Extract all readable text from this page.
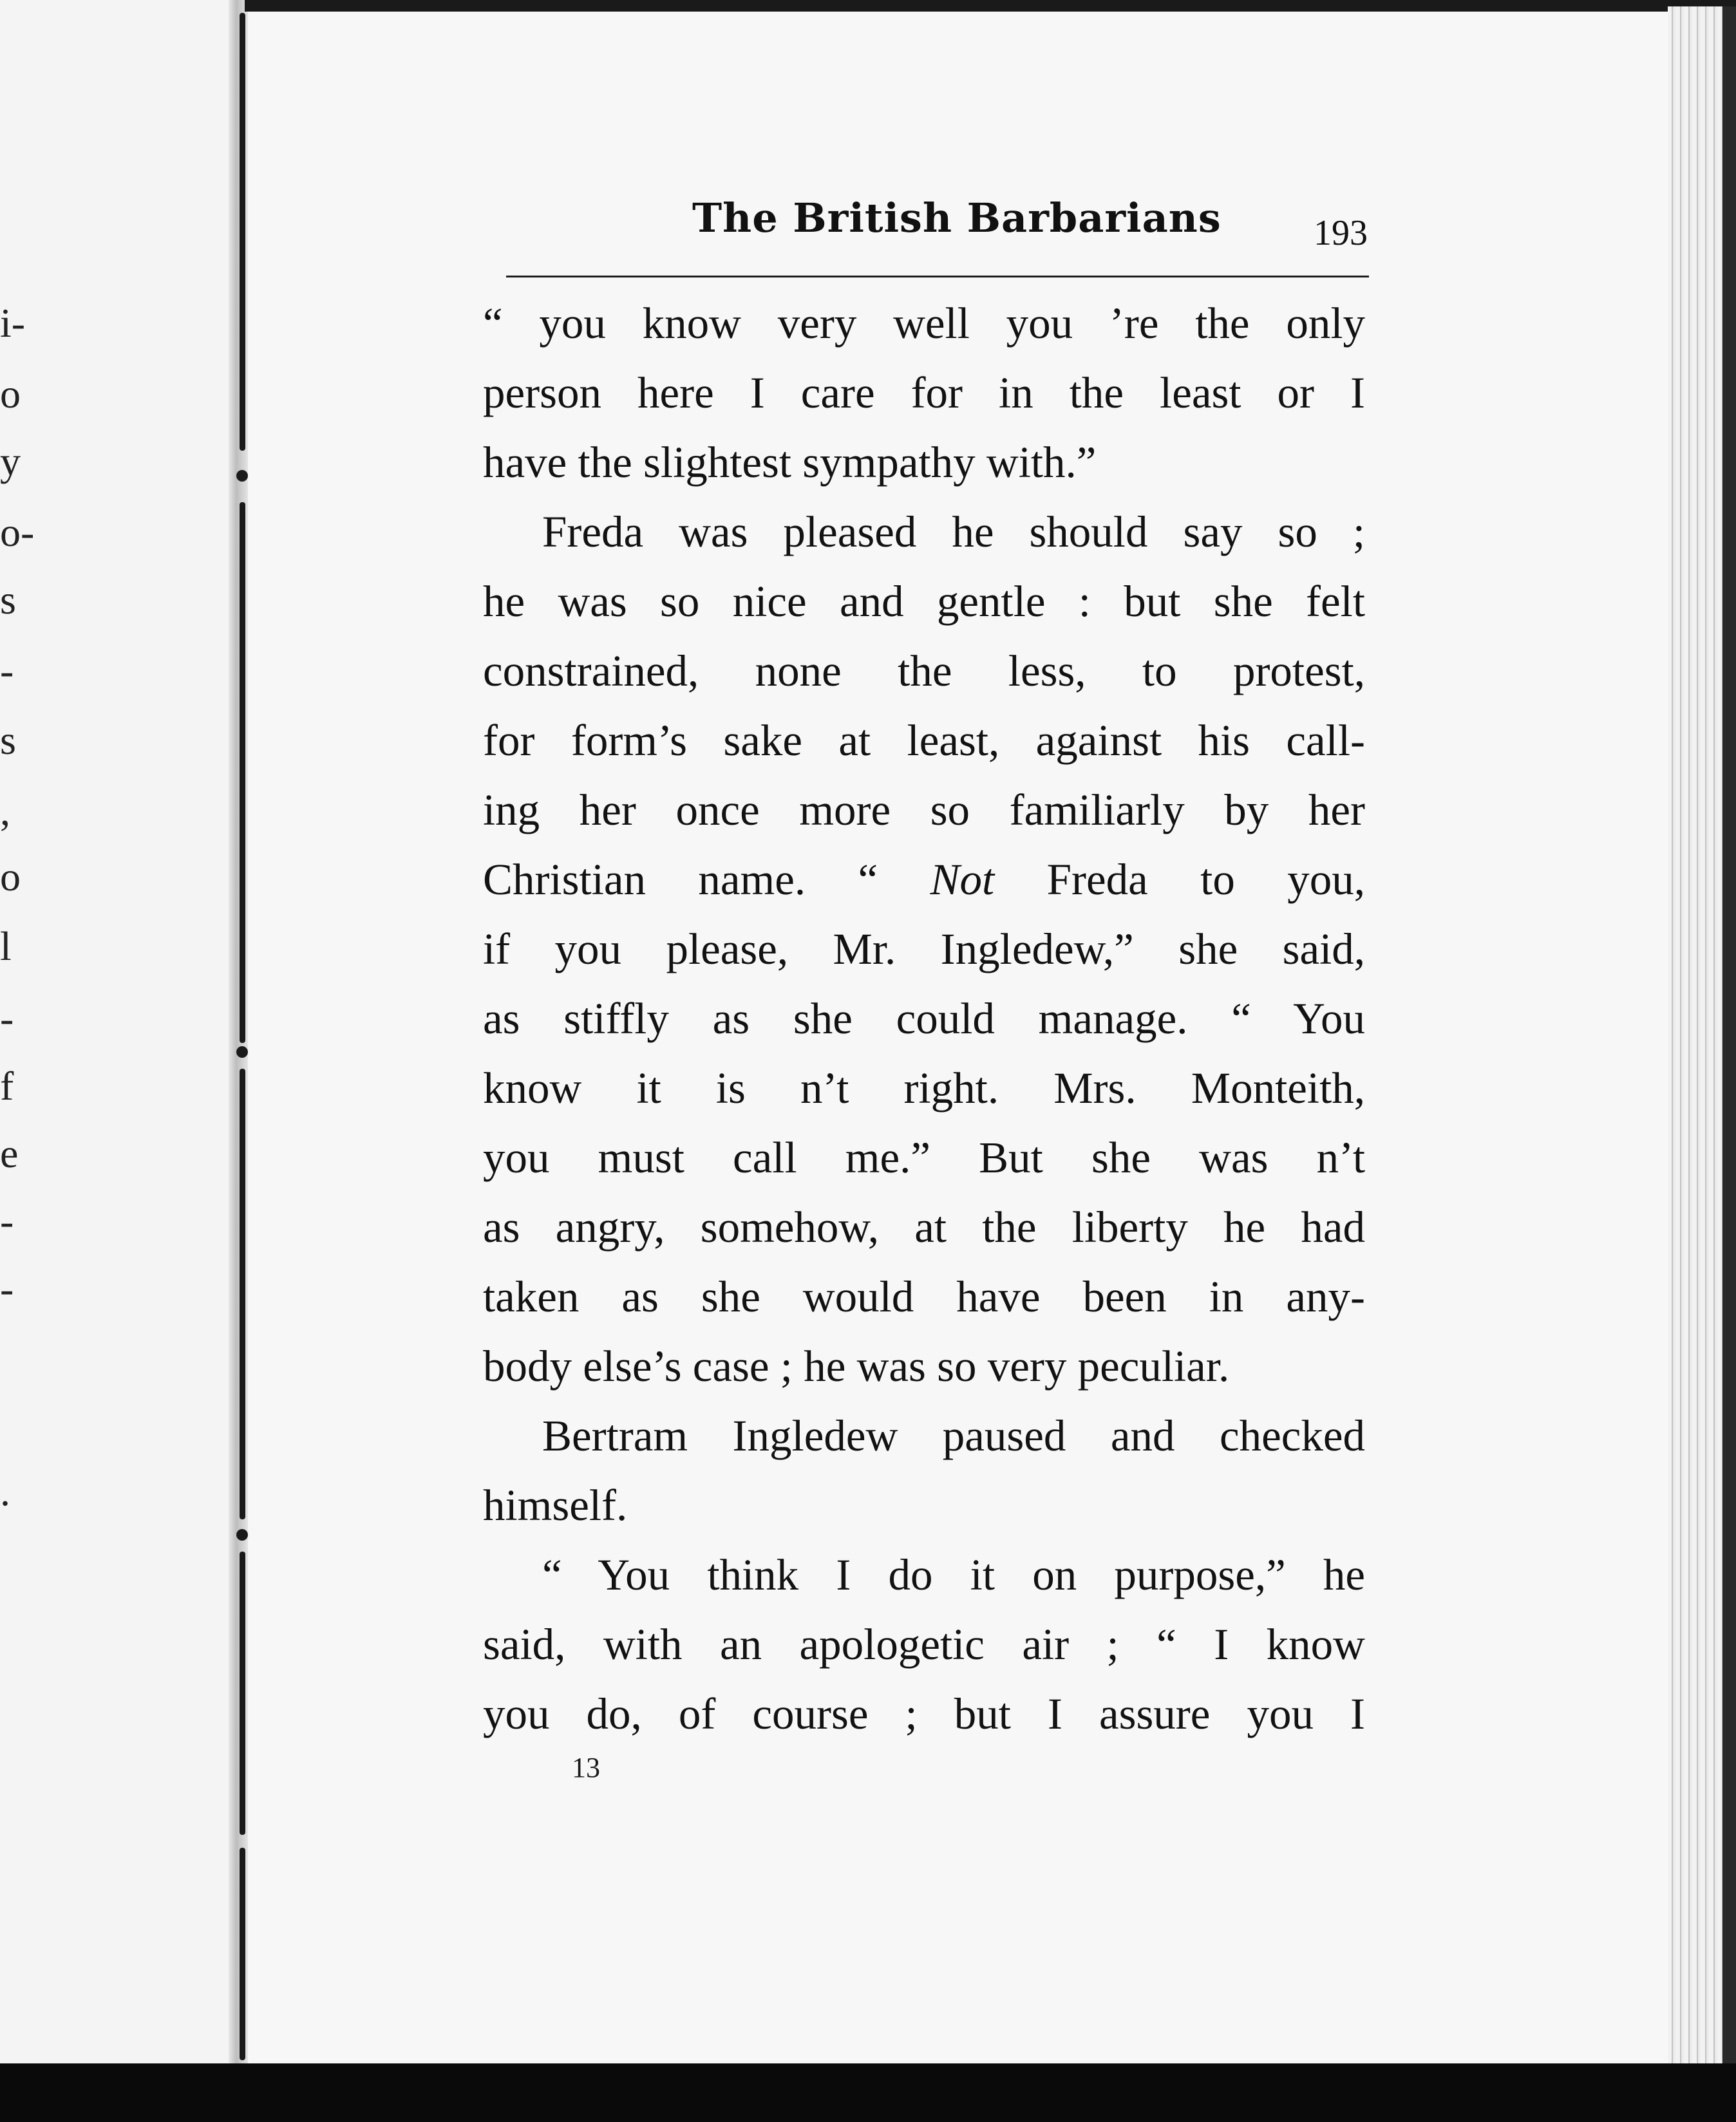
i-
o
y
o-
s
-
s
,
o
l
-
f
e
-
-
.
The British Barbarians	193
“ you know very well you ’re the only
person here I care for in the least or I
have the slightest sympathy with.”
Freda was pleased he should say so ;
he was so nice and gentle : but she felt
constrained, none the less, to protest,
for form’s sake at least, against his call-
ing her once more so familiarly by her
Christian name. “ Not Freda to you,
if you please, Mr. Ingledew,” she said,
as stiffly as she could manage. “ You
know it is n’t right. Mrs. Monteith,
you must call me.” But she was n’t
as angry, somehow, at the liberty he had
taken as she would have been in any-
body else’s case ; he was so very peculiar.
Bertram Ingledew paused and checked
himself.
“ You think I do it on purpose,” he
said, with an apologetic air ; “ I know
you do, of course ; but I assure you I
13
